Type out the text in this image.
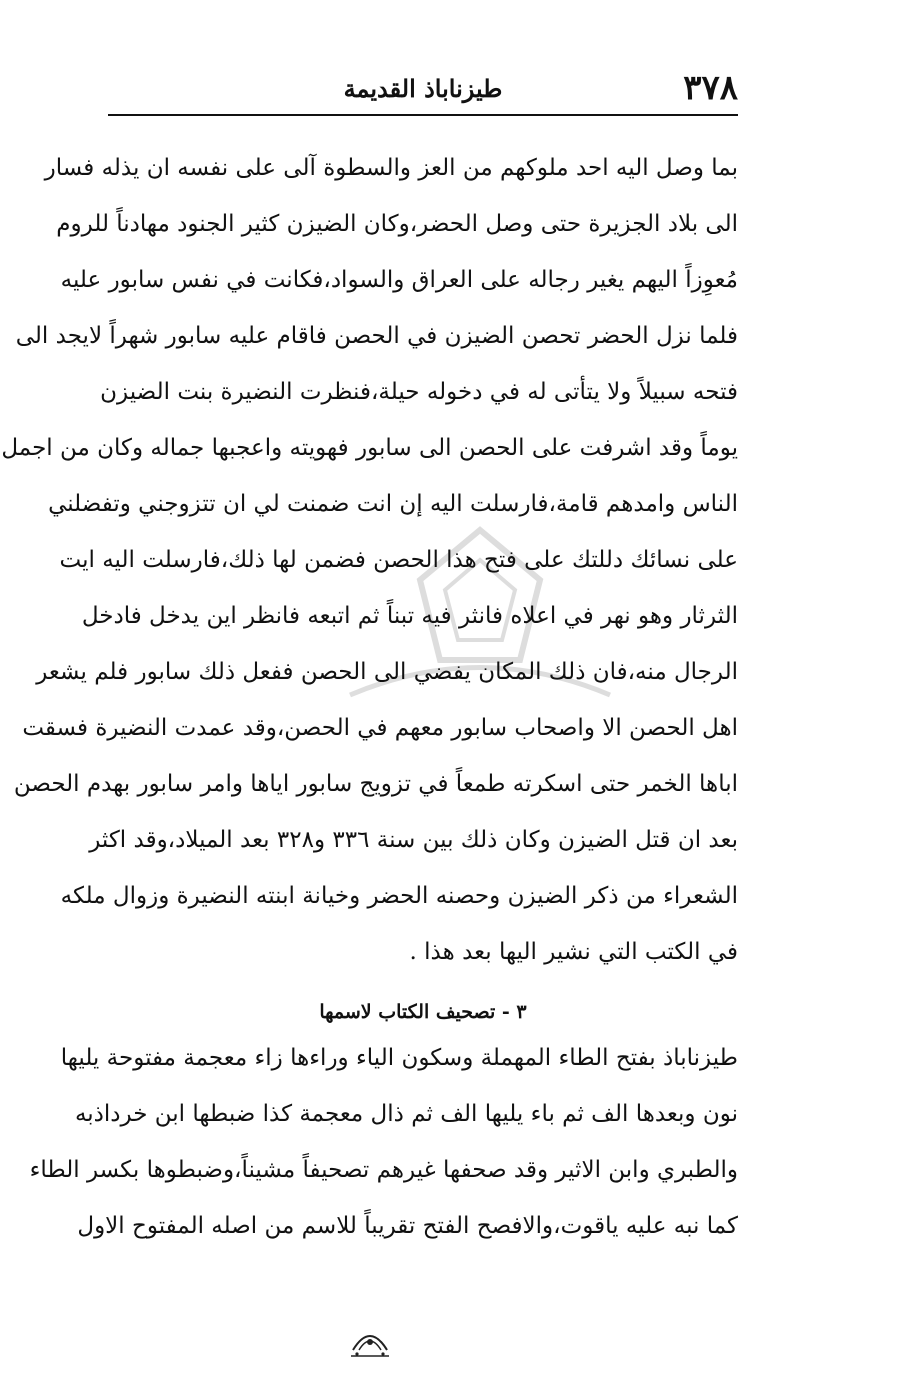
٣٧٨
طيزناباذ القديمة
بما وصل اليه احد ملوكهم من العز والسطوة آلى على نفسه ان يذله فسار
الى بلاد الجزيرة حتى وصل الحضر،وكان الضيزن كثير الجنود مهادناً للروم
مُعوِزاً اليهم يغير رجاله على العراق والسواد،فكانت في نفس سابور عليه
فلما نزل الحضر تحصن الضيزن في الحصن فاقام عليه سابور شهراً لايجد الى
فتحه سبيلاً ولا يتأتى له في دخوله حيلة،فنظرت النضيرة بنت الضيزن
يوماً وقد اشرفت على الحصن الى سابور فهويته واعجبها جماله وكان من اجمل
الناس وامدهم قامة،فارسلت اليه إن انت ضمنت لي ان تتزوجني وتفضلني
على نسائك دللتك على فتح هذا الحصن فضمن لها ذلك،فارسلت اليه ايت
الثرثار وهو نهر في اعلاه فانثر فيه تبناً ثم اتبعه فانظر اين يدخل فادخل
الرجال منه،فان ذلك المكان يفضي الى الحصن ففعل ذلك سابور فلم يشعر
اهل الحصن الا واصحاب سابور معهم في الحصن،وقد عمدت النضيرة فسقت
اباها الخمر حتى اسكرته طمعاً في تزويج سابور اياها وامر سابور بهدم الحصن
بعد ان قتل الضيزن وكان ذلك بين سنة ٣٣٦ و٣٢٨ بعد الميلاد،وقد اكثر
الشعراء من ذكر الضيزن وحصنه الحضر وخيانة ابنته النضيرة وزوال ملكه
في الكتب التي نشير اليها بعد هذا .
٣ - تصحيف الكتاب لاسمها
طيزناباذ بفتح الطاء المهملة وسكون الياء وراءها زاء معجمة مفتوحة يليها
نون وبعدها الف ثم باء يليها الف ثم ذال معجمة كذا ضبطها ابن خرداذبه
والطبري وابن الاثير وقد صحفها غيرهم تصحيفاً مشيناً،وضبطوها بكسر الطاء
كما نبه عليه ياقوت،والافصح الفتح تقريباً للاسم من اصله المفتوح الاول
